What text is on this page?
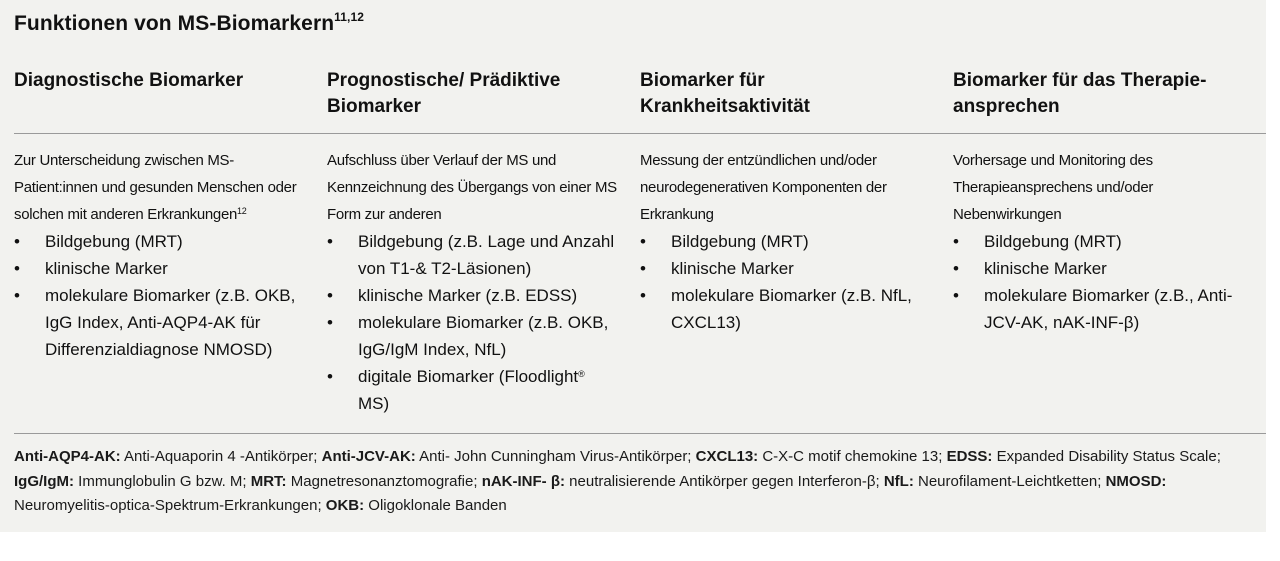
Funktionen von MS-Biomarkern$^{11,12}$
Diagnostische Biomarker	Prognostische/ Prädiktive Biomarker
Biomarker für Krankheitsaktivität
Biomarker für das Therapie-ansprechen
Zur Unterscheidung zwischen MS-Patient:innen und gesunden Menschen oder solchen mit anderen Erkrankungen$^{12}$
Aufschluss über Verlauf der MS und Kennzeichnung des Übergangs von einer MS Form zur anderen
Messung der entzündlichen und/oder neurodegenerativen Komponenten der Erkrankung
Vorhersage und Monitoring des Therapieansprechens und/oder Nebenwirkungen
• Bildgebung (MRT)
• klinische Marker
• molekulare Biomarker (z.B. OKB, IgG Index, Anti-AQP4-AK für Differenzialdiagnose NMOSD)
• Bildgebung (z.B. Lage und Anzahl von T1-& T2-Läsionen)
• klinische Marker (z.B. EDSS)
• molekulare Biomarker (z.B. OKB, IgG/IgM Index, NfL)
• digitale Biomarker (Floodlight®
MS)
• Bildgebung (MRT)
• klinische Marker
• molekulare Biomarker (z.B. NfL, CXCL13)
• Bildgebung (MRT)
• klinische Marker
• molekulare Biomarker (z.B., Anti-JCV-AK, nAK-INF-β)
Anti-AQP4-AK: Anti-Aquaporin 4 -Antikörper; Anti-JCV-AK: Anti- John Cunningham Virus-Antikörper; CXCL13: C-X-C motif chemokine 13; EDSS: Expanded Disability Status Scale; IgG/IgM: Immunglobulin G bzw. M; MRT: Magnetresonanztomografie; nAK-INF- β: neutralisierende Antikörper gegen Interferon-β; NfL: Neurofilament-Leichtketten; NMOSD: Neuromyelitis-optica-Spektrum-Erkrankungen; OKB: Oligoklonale Banden
